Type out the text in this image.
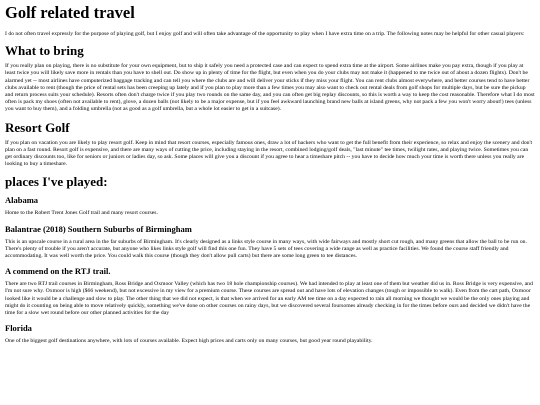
Golf related travel

I do not often travel expressly for the purpose of playing golf, but I enjoy golf and will often take advantage of the opportunity to play when I have extra time on a trip. The following notes may be helpful for other casual players:

What to bring

If you really plan on playing, there is no substitute for your own equipment, but to ship it safely you need a protected case and can expect to spend extra time at the airport. Some airlines make you pay extra, though if you play at least twice you will likely save more in rentals than you have to shell out. Do show up in plenty of time for the flight, but even when you do your clubs may not make it (happened to me twice out of about a dozen flights). Don't be alarmed yet -- most airlines have computerized baggage tracking and can tell you where the clubs are and will deliver your sticks if they miss your flight. You can rent clubs almost everywhere, and better courses tend to have better clubs available to rent (though the price of rental sets has been creeping up lately and if you plan to play more than a few times you may also want to check out rental deals from golf shops for multiple days, but be sure the pickup and return process suits your schedule). Resorts often don't charge twice if you play two rounds on the same day, and you can often get big replay discounts, so this is worth a way to keep the cost reasonable. Therefore what I do most often is pack my shoes (often not available to rent), glove, a dozen balls (not likely to be a major expense, but if you feel awkward launching brand new balls at island greens, why not pack a few you won't worry about!) tees (unless you want to buy them), and a folding umbrella (not as good as a golf umbrella, but a whole lot easier to get in a suitcase).

Resort Golf

If you plan on vacation you are likely to play resort golf. Keep in mind that resort courses, especially famous ones, draw a lot of hackers who want to get the full benefit from their experience, so relax and enjoy the scenery and don't plan on a fast round. Resort golf is expensive, and there are many ways of cutting the price, including staying in the resort, combined lodging/golf deals, "last minute" tee times, twilight rates, and playing twice. Sometimes you can get ordinary discounts too, like for seniors or juniors or ladies day, so ask. Some places will give you a discount if you agree to hear a timeshare pitch -- you have to decide how much your time is worth there unless you really are looking to buy a timeshare.

places I've played:
Alabama

Home to the Robert Trent Jones Golf trail and many resort courses.

Balantrae (2018) Southern Suburbs of Birmingham

This is an upscale course in a rural area in the far suburbs of Birmingham. It's clearly designed as a links style course in many ways, with wide fairways and mostly short cut rough, and many greens that allow the ball to be run on. There's plenty of trouble if you aren't accurate, but anyone who likes links style golf will find this one fun. They have 5 sets of tees covering a wide range as well as practice facilities. We found the course staff friendly and accommodating. It was well worth the price. You could walk this course (though they don't allow pull carts) but there are some long green to tee distances.

A commend on the RTJ trail.

There are two RTJ trail courses in Birmingham, Ross Bridge and Oxmoor Valley (which has two 18 hole championship courses). We had intended to play at least one of them but weather did us in. Ross Bridge is very expensive, and I'm not sure why. Oxmoor is high ($66 weekend), but not excessive in my view for a premium course. These courses are spread out and have lots of elevation changes (tough or impossible to walk). Even from the cart path, Oxmoor looked like it would be a challenge and slow to play. The other thing that we did not expect, is that when we arrived for an early AM tee time on a day expected to rain all morning we thought we would be the only ones playing and might do it counting on being able to move relatively quickly, something we've done on other courses on rainy days, but we discovered several foursomes already checking in for the times before ours and decided we didn't have the time for a slow wet round before our other planned activities for the day

Florida

One of the biggest golf destinations anywhere, with lots of courses available. Expect high prices and carts only on many courses, but good year round playability.
